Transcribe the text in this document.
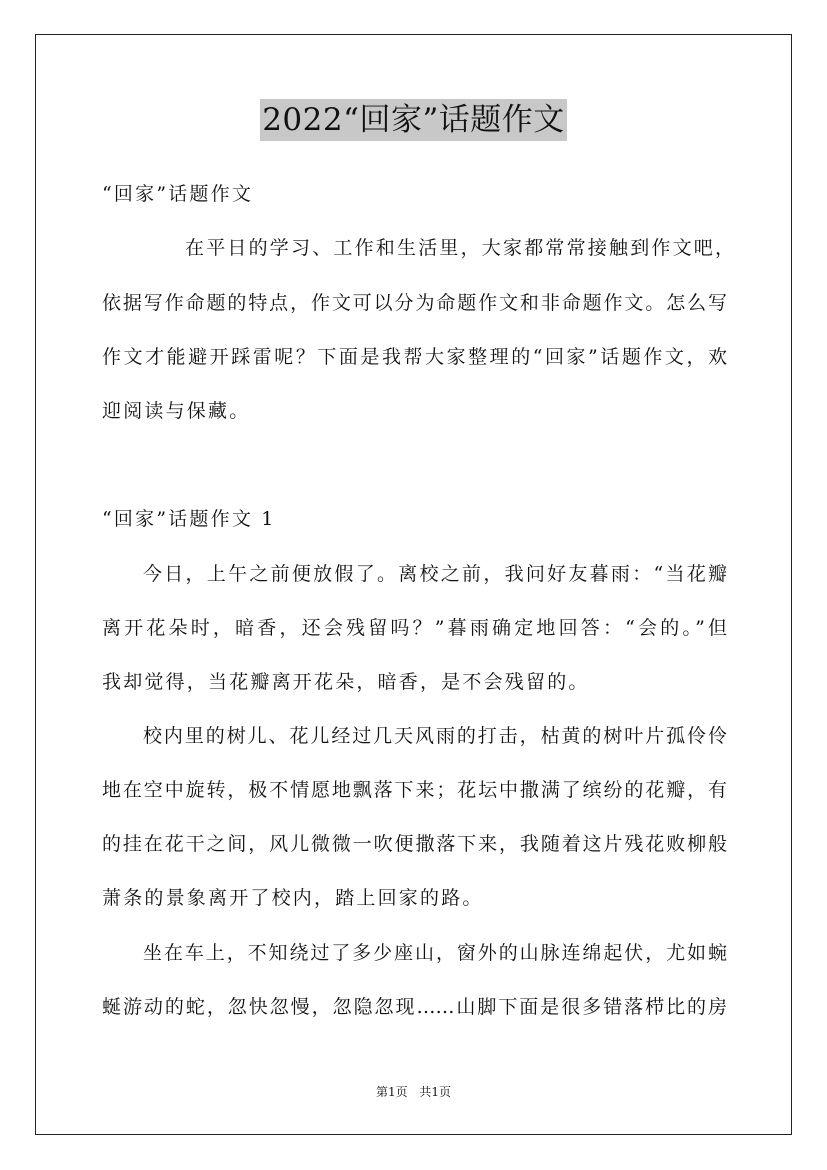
2022“回家”话题作文
“回家”话题作文
在平日的学习、工作和生活里，大家都常常接触到作文吧，
依据写作命题的特点，作文可以分为命题作文和非命题作文。怎么写
作文才能避开踩雷呢？下面是我帮大家整理的“回家”话题作文，欢
迎阅读与保藏。
“回家”话题作文 1
今日，上午之前便放假了。离校之前，我问好友暮雨：“当花瓣
离开花朵时，暗香，还会残留吗？”暮雨确定地回答：“会的。”但
我却觉得，当花瓣离开花朵，暗香，是不会残留的。
校内里的树儿、花儿经过几天风雨的打击，枯黄的树叶片孤伶伶
地在空中旋转，极不情愿地飘落下来；花坛中撒满了缤纷的花瓣，有
的挂在花干之间，风儿微微一吹便撒落下来，我随着这片残花败柳般
萧条的景象离开了校内，踏上回家的路。
坐在车上，不知绕过了多少座山，窗外的山脉连绵起伏，尤如蜿
蜒游动的蛇，忽快忽慢，忽隐忽现……山脚下面是很多错落栉比的房
第1页 共1页
